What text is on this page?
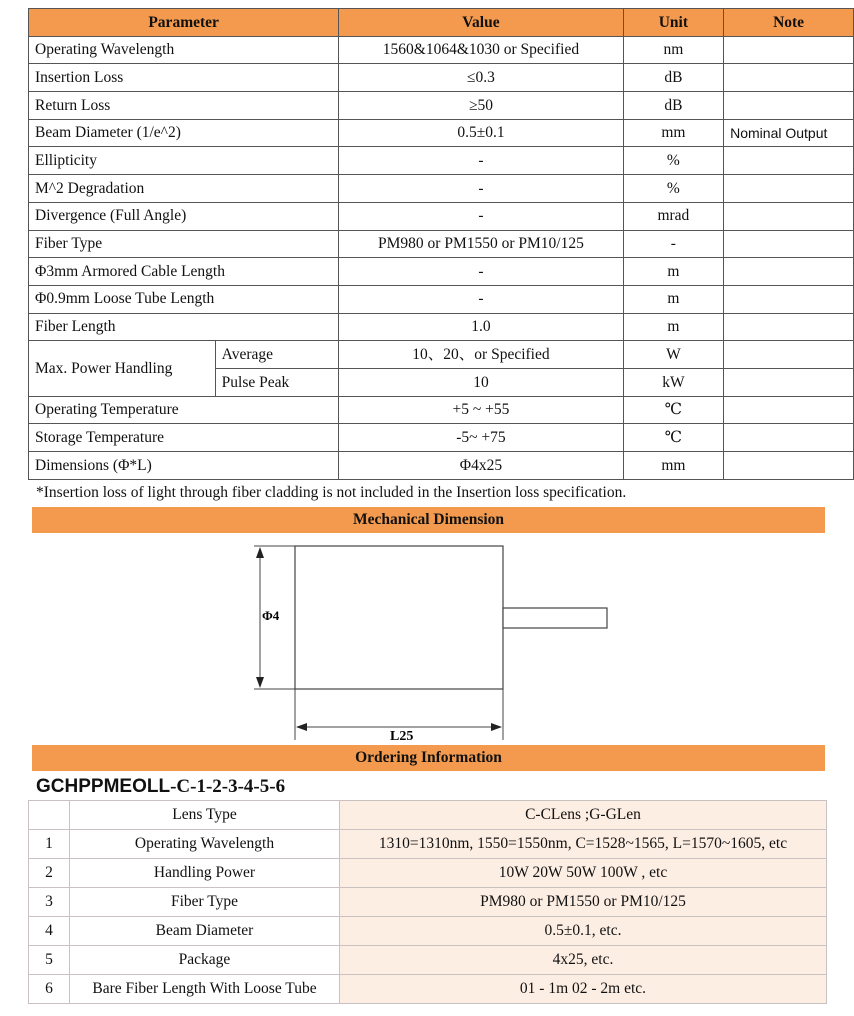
Parameter		Value	Unit	Note
Operating Wavelength		1560&1064&1030 or Specified	nm	
Insertion Loss		≤0.3	dB	
Return Loss		≥50	dB	
Beam Diameter (1/e^2)		0.5±0.1	mm	Nominal Output
Ellipticity		-	%	
M^2 Degradation		-	%	
Divergence (Full Angle)		-	mrad	
Fiber Type		PM980 or PM1550 or PM10/125	-	
Φ3mm Armored Cable Length		-	m	
Φ0.9mm Loose Tube Length		-	m	
Fiber Length		1.0	m	
Max. Power Handling	Average	10、20、or Specified	W	
	Pulse Peak	10	kW	
Operating Temperature		+5 ~ +55	℃	
Storage Temperature		-5~ +75	℃	
Dimensions (Φ*L)		Φ4x25	mm	
*Insertion loss of light through fiber cladding is not included in the Insertion loss specification.
Mechanical Dimension
Φ4
L25
Ordering Information
GCHPPMEOLL-C-1-2-3-4-5-6
	Lens Type	C-CLens ;G-GLen
1	Operating Wavelength	1310=1310nm, 1550=1550nm, C=1528~1565, L=1570~1605, etc
2	Handling Power	10W 20W 50W 100W , etc
3	Fiber Type	PM980 or PM1550 or PM10/125
4	Beam Diameter	0.5±0.1, etc.
5	Package	4x25, etc.
6	Bare Fiber Length With Loose Tube	01 - 1m 02 - 2m etc.
